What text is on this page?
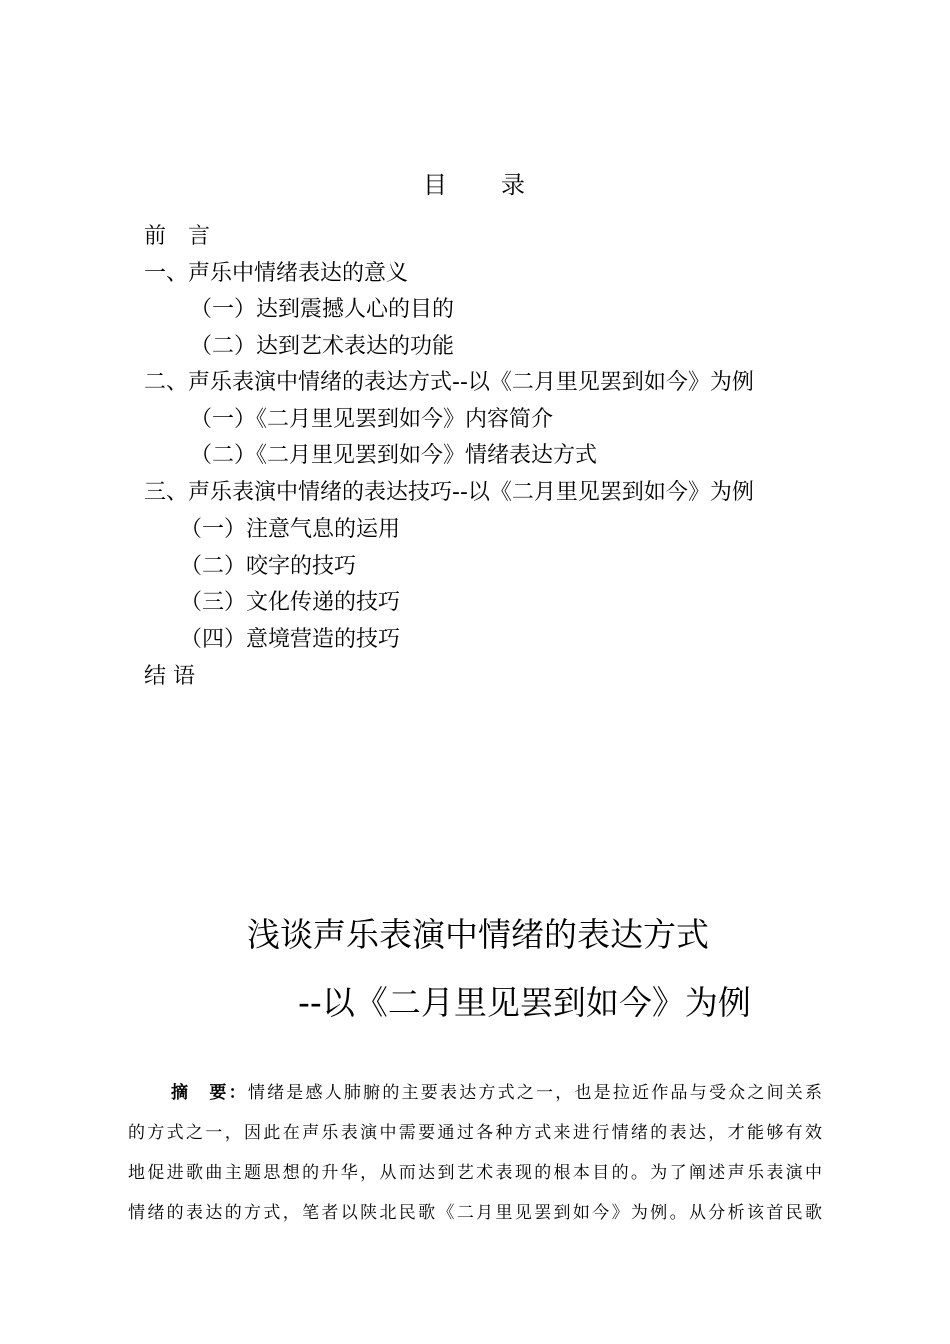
目 录
前　言
一、声乐中情绪表达的意义
（一）达到震撼人心的目的
（二）达到艺术表达的功能
二、声乐表演中情绪的表达方式--以《二月里见罢到如今》为例
（一）《二月里见罢到如今》内容简介
（二）《二月里见罢到如今》情绪表达方式
三、声乐表演中情绪的表达技巧--以《二月里见罢到如今》为例
（一）注意气息的运用
（二）咬字的技巧
（三）文化传递的技巧
（四）意境营造的技巧
结 语
浅谈声乐表演中情绪的表达方式
--以《二月里见罢到如今》为例
摘　要：情绪是感人肺腑的主要表达方式之一，也是拉近作品与受众之间关系
的方式之一，因此在声乐表演中需要通过各种方式来进行情绪的表达，才能够有效
地促进歌曲主题思想的升华，从而达到艺术表现的根本目的。为了阐述声乐表演中
情绪的表达的方式，笔者以陕北民歌《二月里见罢到如今》为例。从分析该首民歌
